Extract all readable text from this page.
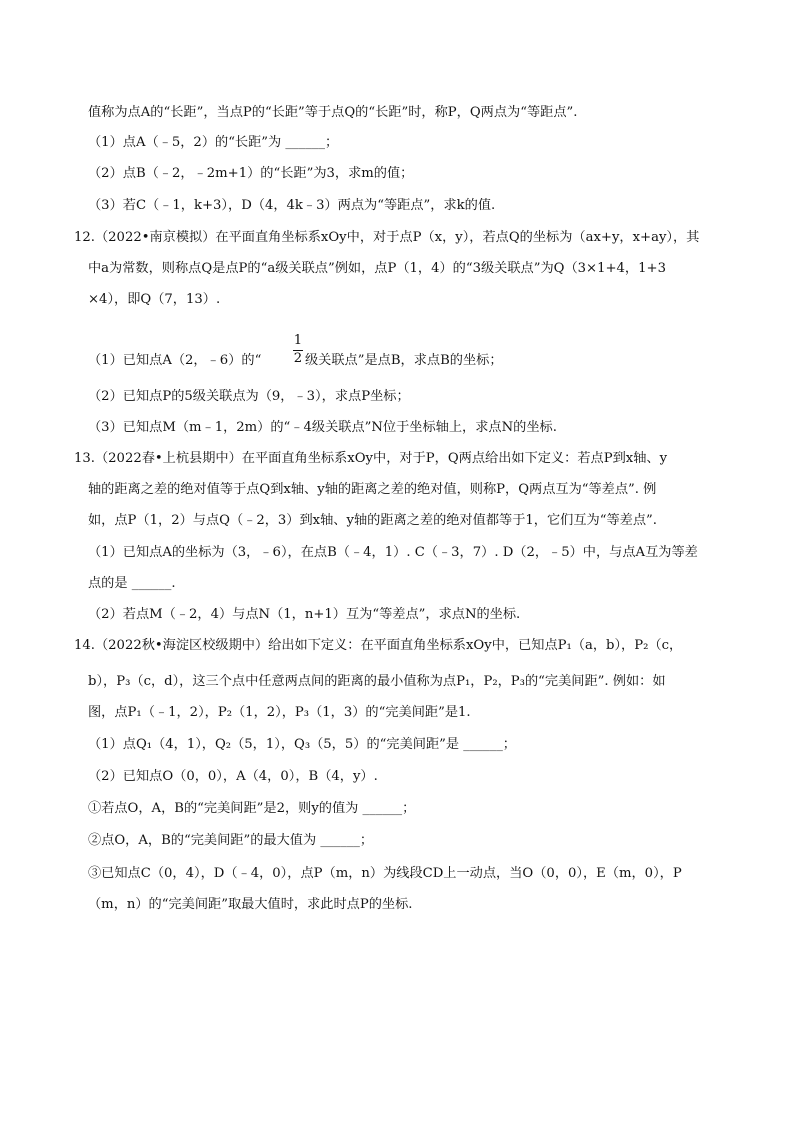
值称为点A的“长距”，当点P的“长距”等于点Q的“长距”时，称P，Q两点为“等距点”.
（1）点A（﹣5，2）的“长距”为 ______；
（2）点B（﹣2，﹣2m+1）的“长距”为3，求m的值；
（3）若C（﹣1，k+3），D（4，4k﹣3）两点为“等距点”，求k的值.
12.（2022•南京模拟）在平面直角坐标系xOy中，对于点P（x，y），若点Q的坐标为（ax+y，x+ay），其
中a为常数，则称点Q是点P的“a级关联点”例如，点P（1，4）的“3级关联点”为Q（3×1+4，1+3
×4），即Q（7，13）.
（1）已知点A（2，﹣6）的“
1
2 级关联点”是点B，求点B的坐标；
（2）已知点P的5级关联点为（9，﹣3），求点P坐标；
（3）已知点M（m﹣1，2m）的“﹣4级关联点”N位于坐标轴上，求点N的坐标.
13.（2022春•上杭县期中）在平面直角坐标系xOy中，对于P，Q两点给出如下定义：若点P到x轴、y
轴的距离之差的绝对值等于点Q到x轴、y轴的距离之差的绝对值，则称P，Q两点互为“等差点”. 例
如，点P（1，2）与点Q（﹣2，3）到x轴、y轴的距离之差的绝对值都等于1，它们互为“等差点”.
（1）已知点A的坐标为（3，﹣6），在点B（﹣4，1）. C（﹣3，7）. D（2，﹣5）中，与点A互为等差
点的是 ______.
（2）若点M（﹣2，4）与点N（1，n+1）互为“等差点”，求点N的坐标.
14.（2022秋•海淀区校级期中）给出如下定义：在平面直角坐标系xOy中，已知点P₁（a，b），P₂（c，
b），P₃（c，d），这三个点中任意两点间的距离的最小值称为点P₁，P₂，P₃的“完美间距”. 例如：如
图，点P₁（﹣1，2），P₂（1，2），P₃（1，3）的“完美间距”是1.
（1）点Q₁（4，1），Q₂（5，1），Q₃（5，5）的“完美间距”是 ______；
（2）已知点O（0，0），A（4，0），B（4，y）.
①若点O，A，B的“完美间距”是2，则y的值为 ______；
②点O，A，B的“完美间距”的最大值为 ______；
③已知点C（0，4），D（﹣4，0），点P（m，n）为线段CD上一动点，当O（0，0），E（m，0），P
（m，n）的“完美间距”取最大值时，求此时点P的坐标.
